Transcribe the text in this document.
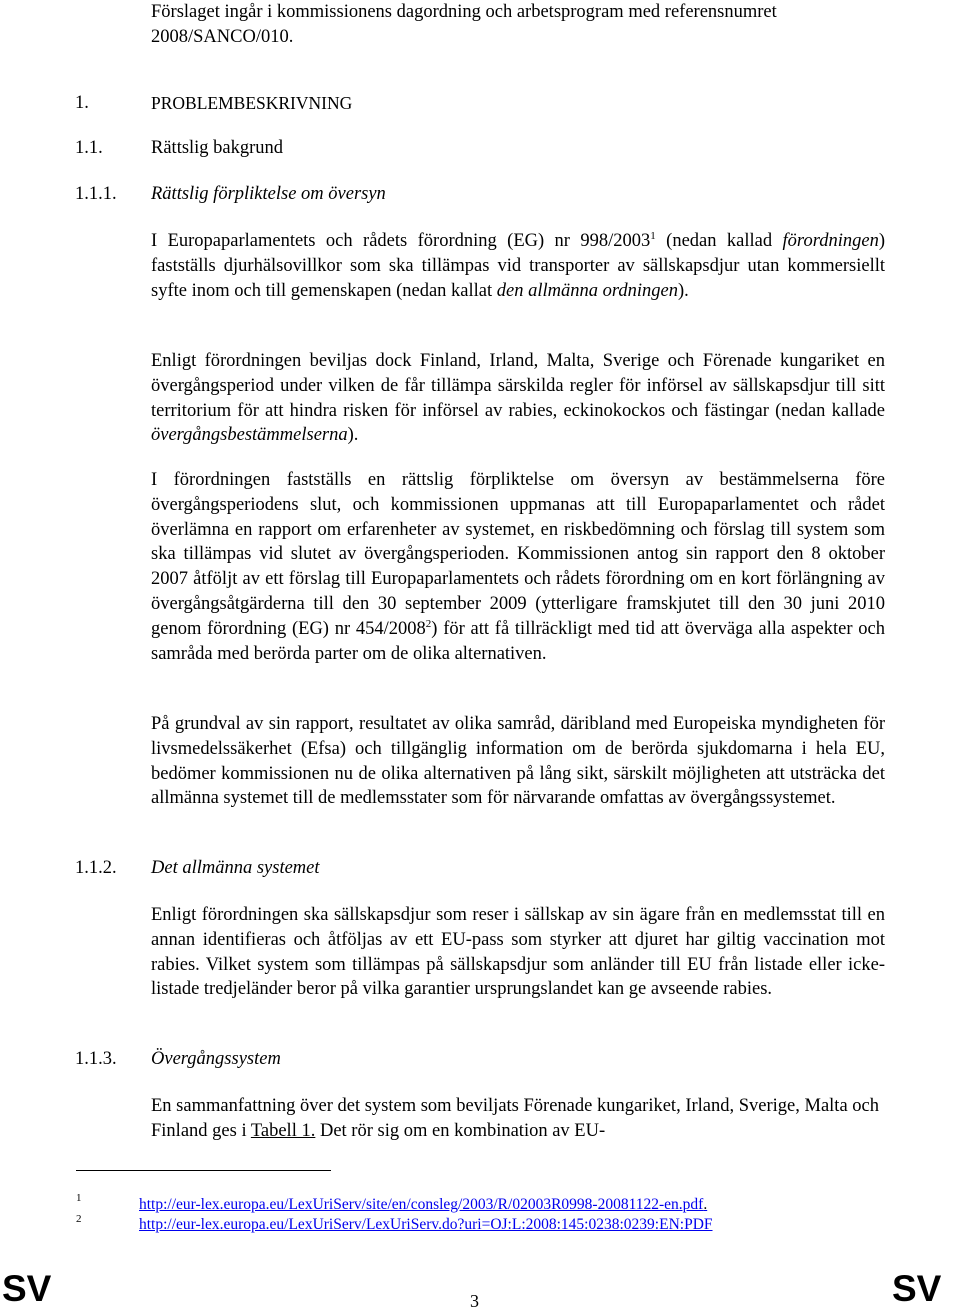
Förslaget ingår i kommissionens dagordning och arbetsprogram med referensnumret 2008/SANCO/010.

1.	PROBLEMBESKRIVNING
1.1.	Rättslig bakgrund
1.1.1. Rättslig förpliktelse om översyn

I Europaparlamentets och rådets förordning (EG) nr 998/2003$^1$ (nedan kallad förordningen) fastställs djurhälsovillkor som ska tillämpas vid transporter av sällskapsdjur utan kommersiellt syfte inom och till gemenskapen (nedan kallat den allmänna ordningen).

Enligt förordningen beviljas dock Finland, Irland, Malta, Sverige och Förenade kungariket en övergångsperiod under vilken de får tillämpa särskilda regler för införsel av sällskapsdjur till sitt territorium för att hindra risken för införsel av rabies, eckinokockos och fästingar (nedan kallade övergångsbestämmelserna).

I förordningen fastställs en rättslig förpliktelse om översyn av bestämmelserna före övergångsperiodens slut, och kommissionen uppmanas att till Europaparlamentet och rådet överlämna en rapport om erfarenheter av systemet, en riskbedömning och förslag till system som ska tillämpas vid slutet av övergångsperioden. Kommissionen antog sin rapport den 8 oktober 2007 åtföljt av ett förslag till Europaparlamentets och rådets förordning om en kort förlängning av övergångsåtgärderna till den 30 september 2009 (ytterligare framskjutet till den 30 juni 2010 genom förordning (EG) nr 454/2008$^2$) för att få tillräckligt med tid att överväga alla aspekter och samråda med berörda parter om de olika alternativen.

På grundval av sin rapport, resultatet av olika samråd, däribland med Europeiska myndigheten för livsmedelssäkerhet (Efsa) och tillgänglig information om de berörda sjukdomarna i hela EU, bedömer kommissionen nu de olika alternativen på lång sikt, särskilt möjligheten att utsträcka det allmänna systemet till de medlemsstater som för närvarande omfattas av övergångssystemet.

1.1.2. Det allmänna systemet

Enligt förordningen ska sällskapsdjur som reser i sällskap av sin ägare från en medlemsstat till en annan identifieras och åtföljas av ett EU-pass som styrker att djuret har giltig vaccination mot rabies. Vilket system som tillämpas på sällskapsdjur som anländer till EU från listade eller icke-listade tredjeländer beror på vilka garantier ursprungslandet kan ge avseende rabies.

1.1.3. Övergångssystem

En sammanfattning över det system som beviljats Förenade kungariket, Irland, Sverige, Malta och Finland ges i Tabell 1. Det rör sig om en kombination av EU-

1	http://eur-lex.europa.eu/LexUriServ/site/en/consleg/2003/R/02003R0998-20081122-en.pdf.
2	http://eur-lex.europa.eu/LexUriServ/LexUriServ.do?uri=OJ:L:2008:145:0238:0239:EN:PDF
SV	3	SV
